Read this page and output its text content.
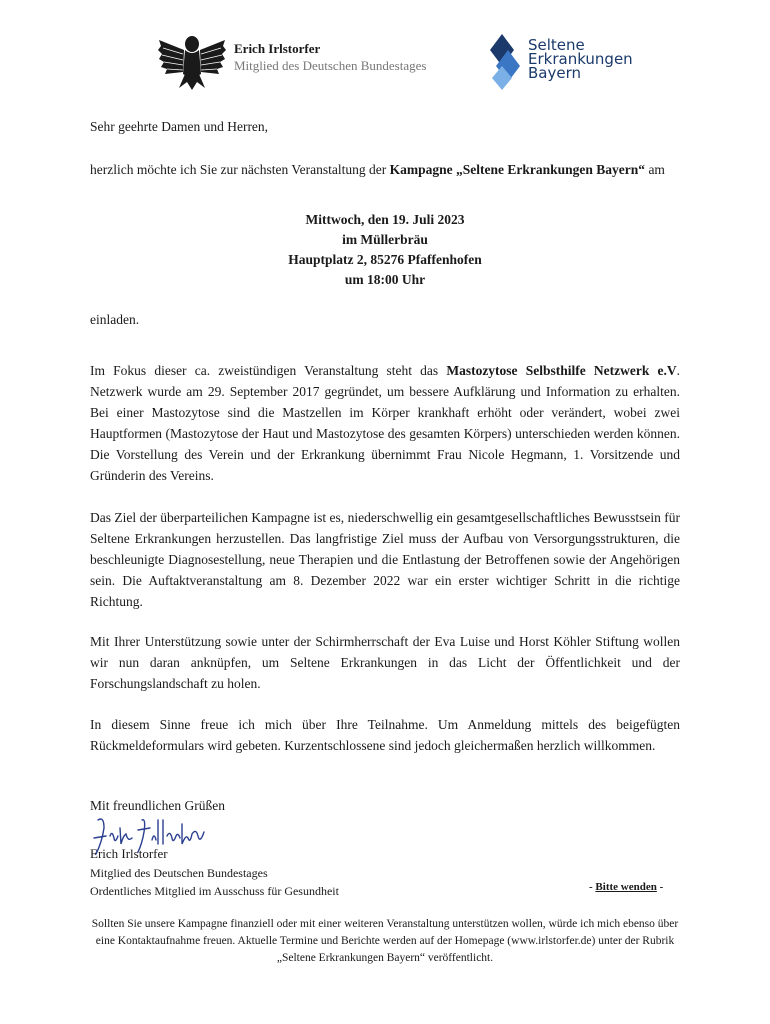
Erich Irlstorfer
Mitglied des Deutschen Bundestages
Seltene
Erkrankungen
Bayern
Sehr geehrte Damen und Herren,
herzlich möchte ich Sie zur nächsten Veranstaltung der Kampagne „Seltene Erkrankungen Bayern“ am
Mittwoch, den 19. Juli 2023
im Müllerbräu
Hauptplatz 2, 85276 Pfaffenhofen
um 18:00 Uhr
einladen.
Im Fokus dieser ca. zweistündigen Veranstaltung steht das Mastozytose Selbsthilfe Netzwerk e.V. Netzwerk wurde am 29. September 2017 gegründet, um bessere Aufklärung und Information zu erhalten. Bei einer Mastozytose sind die Mastzellen im Körper krankhaft erhöht oder verändert, wobei zwei Hauptformen (Mastozytose der Haut und Mastozytose des gesamten Körpers) unterschieden werden können. Die Vorstellung des Verein und der Erkrankung übernimmt Frau Nicole Hegmann, 1. Vorsitzende und Gründerin des Vereins.
Das Ziel der überparteilichen Kampagne ist es, niederschwellig ein gesamtgesellschaftliches Bewusstsein für Seltene Erkrankungen herzustellen. Das langfristige Ziel muss der Aufbau von Versorgungsstrukturen, die beschleunigte Diagnosestellung, neue Therapien und die Entlastung der Betroffenen sowie der Angehörigen sein. Die Auftaktveranstaltung am 8. Dezember 2022 war ein erster wichtiger Schritt in die richtige Richtung.
Mit Ihrer Unterstützung sowie unter der Schirmherrschaft der Eva Luise und Horst Köhler Stiftung wollen wir nun daran anknüpfen, um Seltene Erkrankungen in das Licht der Öffentlichkeit und der Forschungslandschaft zu holen.
In diesem Sinne freue ich mich über Ihre Teilnahme. Um Anmeldung mittels des beigefügten Rückmeldeformulars wird gebeten. Kurzentschlossene sind jedoch gleichermaßen herzlich willkommen.
Mit freundlichen Grüßen
Erich Irlstorfer
Mitglied des Deutschen Bundestages
Ordentliches Mitglied im Ausschuss für Gesundheit	- Bitte wenden -
Sollten Sie unsere Kampagne finanziell oder mit einer weiteren Veranstaltung unterstützen wollen, würde ich mich ebenso über eine Kontaktaufnahme freuen. Aktuelle Termine und Berichte werden auf der Homepage (www.irlstorfer.de) unter der Rubrik „Seltene Erkrankungen Bayern“ veröffentlicht.
